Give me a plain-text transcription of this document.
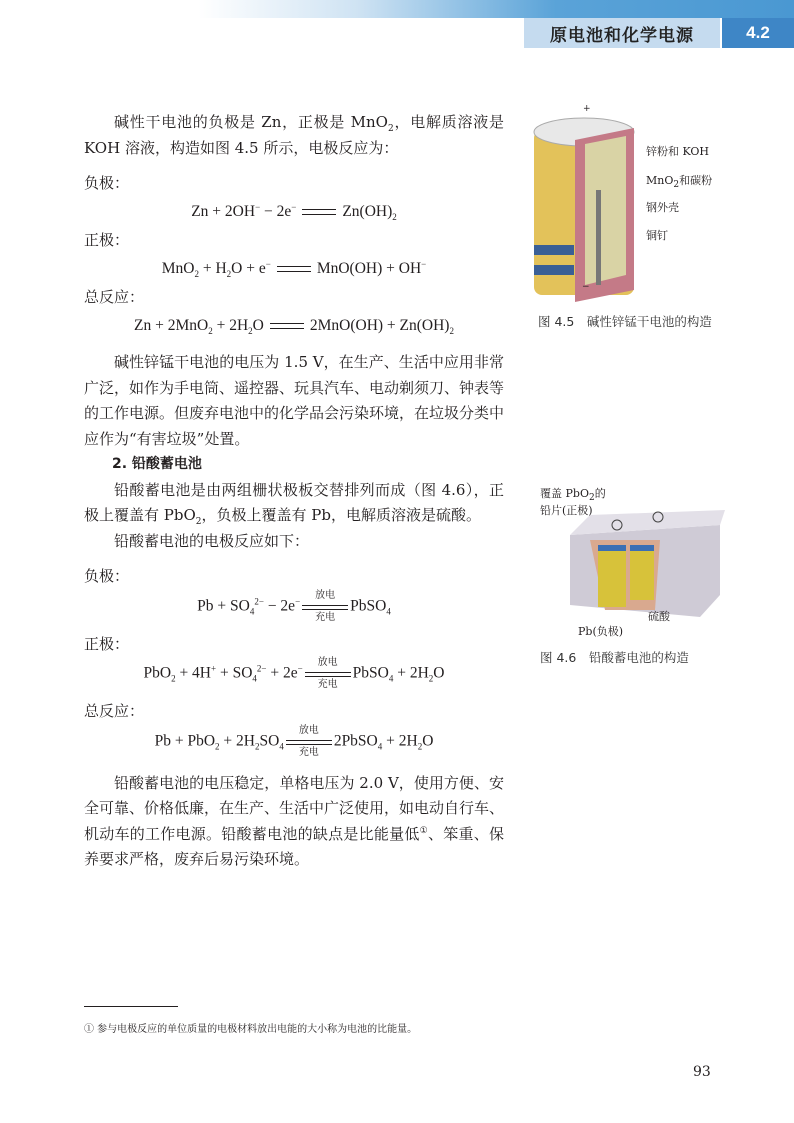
原电池和化学电源	4.2
碱性干电池的负极是 Zn，正极是 MnO$_2$，电解质溶液是 KOH 溶液，构造如图 4.5 所示，电极反应为：
负极：
Zn + 2OH− − 2e−	$Zn(OH)_2$
正极：
$MnO_2 + H_2O + e^-$	MnO(OH) + OH−
总反应：
$Zn + 2MnO_2 + 2H_2O$	$2MnO(OH) + Zn(OH)_2$
碱性锌锰干电池的电压为 1.5 V，在生产、生活中应用非常广泛，如作为手电筒、遥控器、玩具汽车、电动剃须刀、钟表等的工作电源。但废弃电池中的化学品会污染环境，在垃圾分类中应作为“有害垃圾”处置。
2. 铅酸蓄电池
铅酸蓄电池是由两组栅状极板交替排列而成（图 4.6），正极上覆盖有 PbO$_2$，负极上覆盖有 Pb，电解质溶液是硫酸。
铅酸蓄电池的电极反应如下：
负极：
$Pb + SO_4^{2-} - 2e^-$
放电
充电
PbSO$_4$
正极：
$PbO_2 + 4H^+ + SO_4^{2-} + 2e^-$
放电
充电
PbSO$_4$ + $2H_2O$
总反应：
$Pb + PbO_2 + 2H_2SO_4$
放电
充电
2PbSO$_4$ + $2H_2O$
铅酸蓄电池的电压稳定，单格电压为 2.0 V，使用方便、安全可靠、价格低廉，在生产、生活中广泛使用，如电动自行车、机动车的工作电源。铅酸蓄电池的缺点是比能量低①、笨重、保养要求严格，废弃后易污染环境。
锌粉和 KOH
MnO$_2$和碳粉
钢外壳
铜钉
+
−
图 4.5　碱性锌锰干电池的构造
覆盖 PbO$_2$的
铅片(正极)
硫酸
Pb(负极)
图 4.6　铅酸蓄电池的构造
① 参与电极反应的单位质量的电极材料放出电能的大小称为电池的比能量。
93
